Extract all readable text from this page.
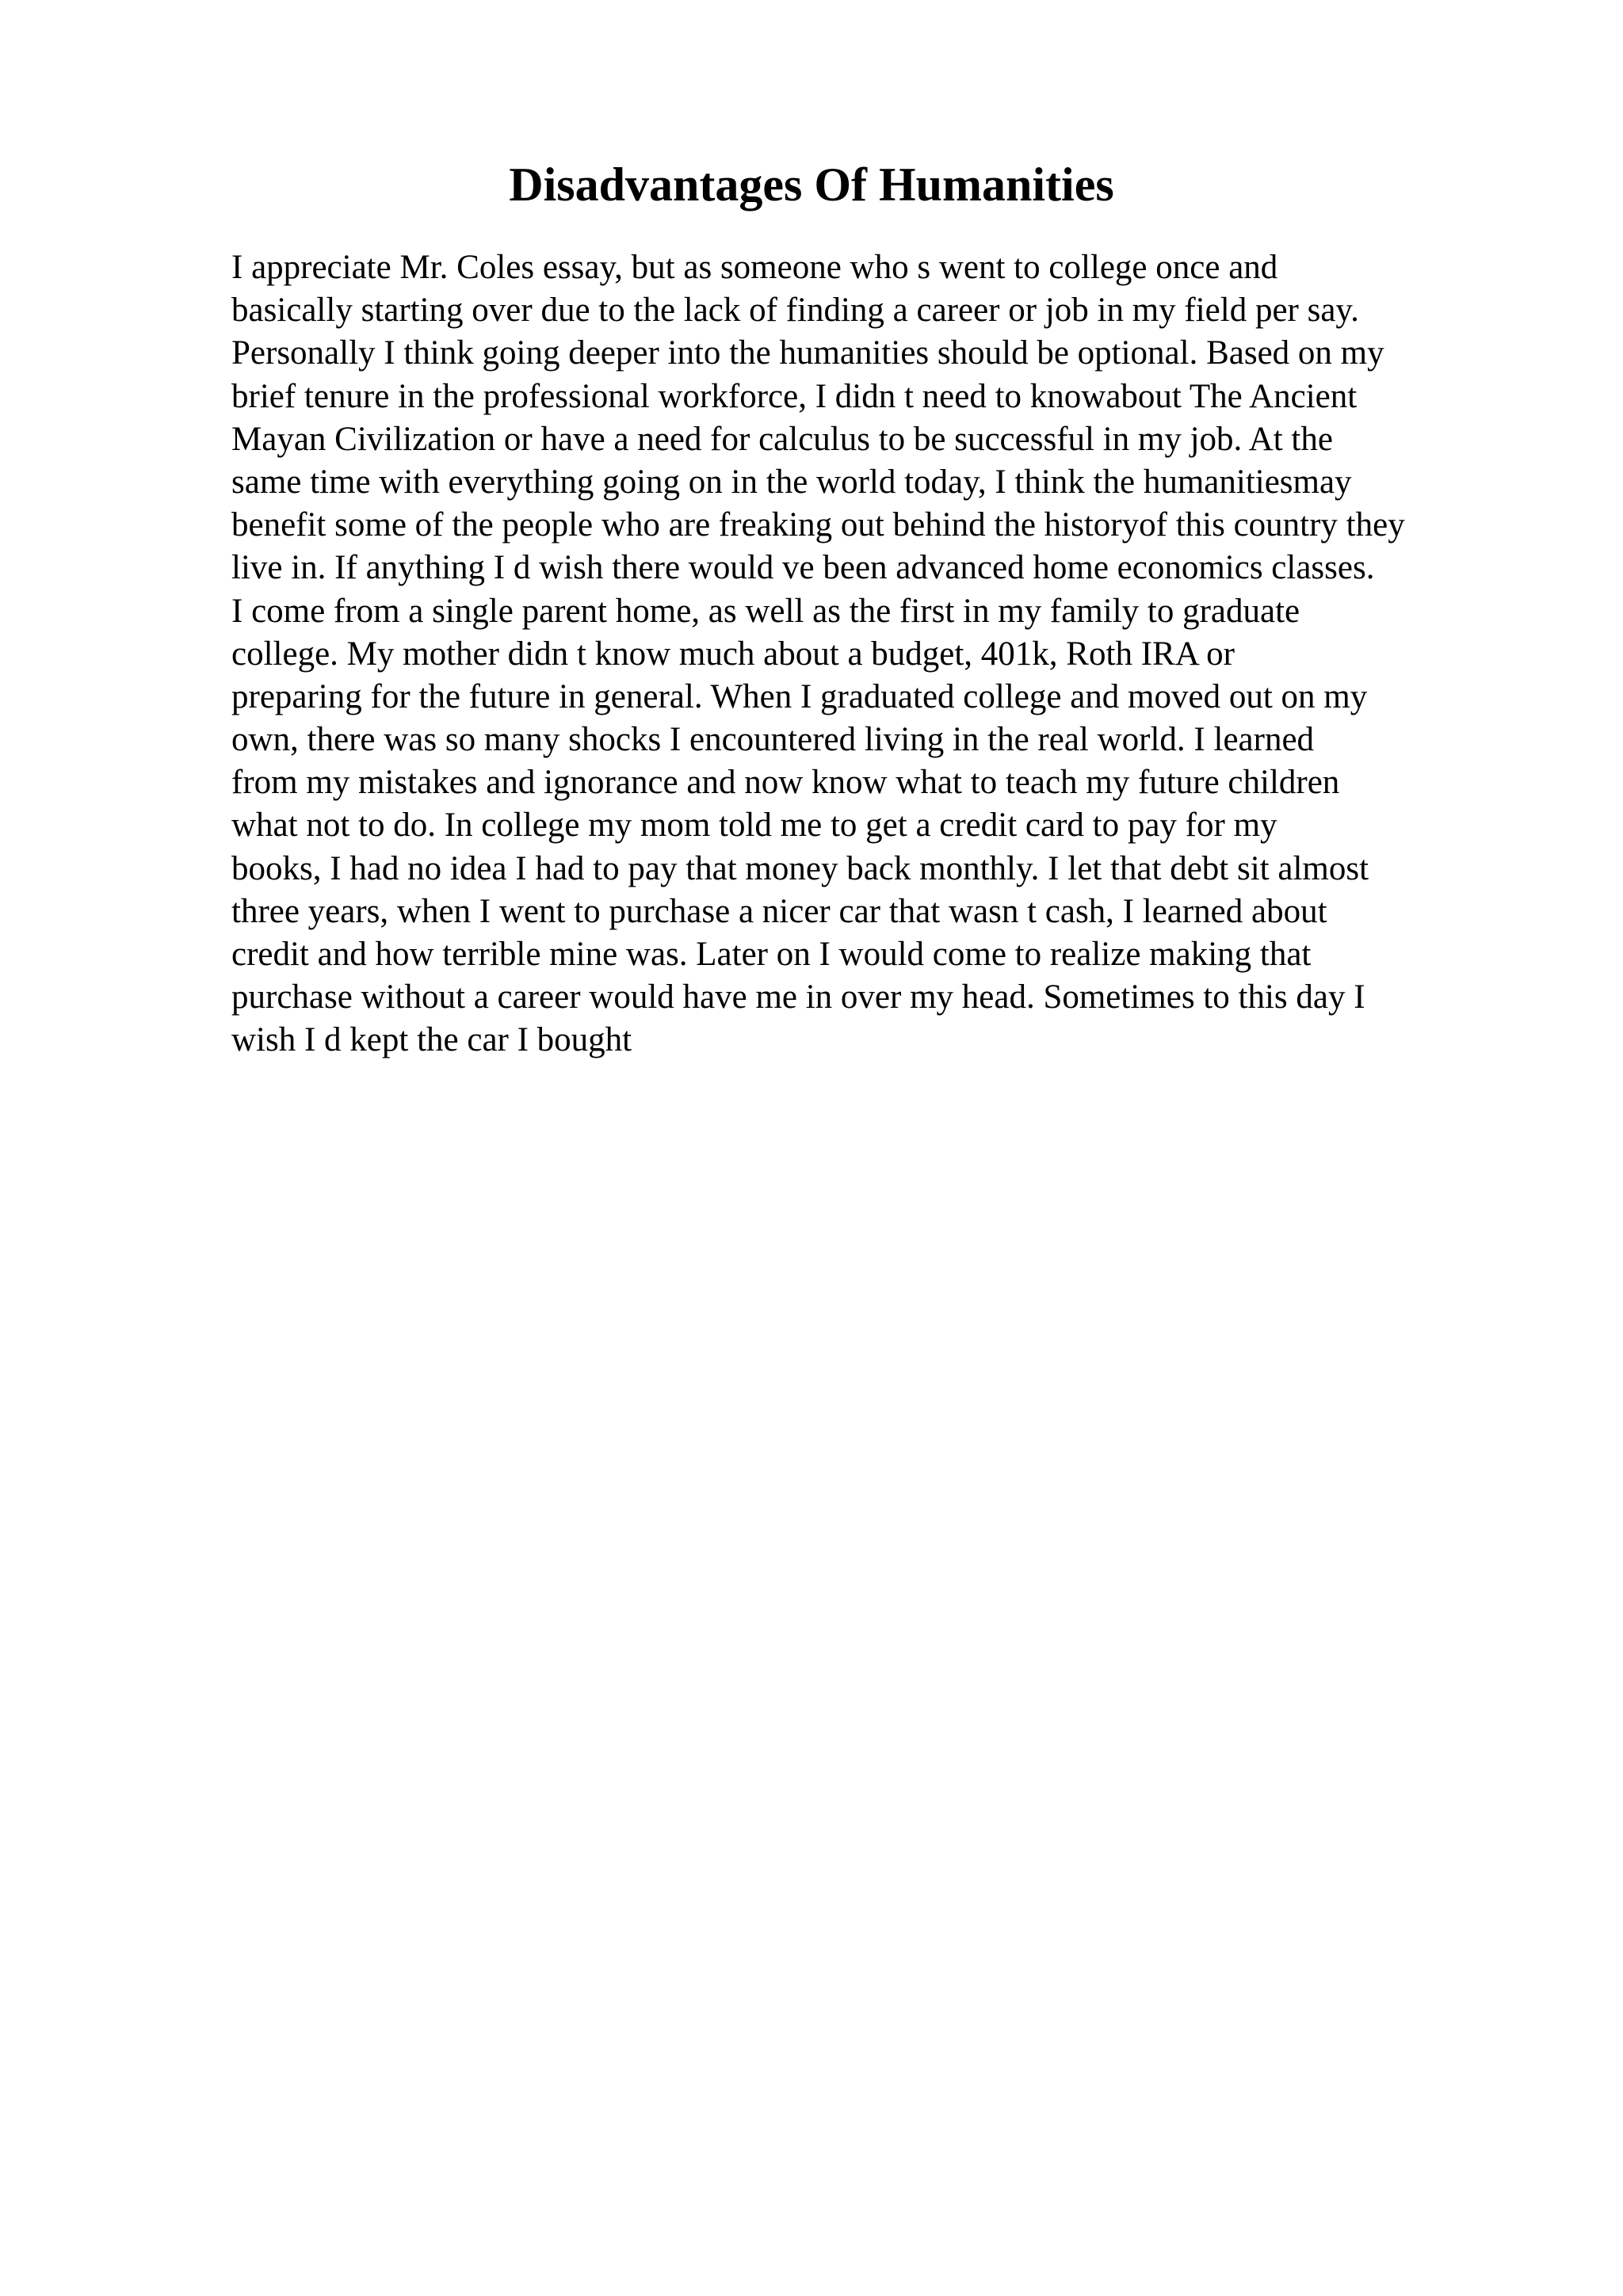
Disadvantages Of Humanities
I appreciate Mr. Coles essay, but as someone who s went to college once and
basically starting over due to the lack of finding a career or job in my field per say.
Personally I think going deeper into the humanities should be optional. Based on my
brief tenure in the professional workforce, I didn t need to knowabout The Ancient
Mayan Civilization or have a need for calculus to be successful in my job. At the
same time with everything going on in the world today, I think the humanitiesmay
benefit some of the people who are freaking out behind the historyof this country they
live in. If anything I d wish there would ve been advanced home economics classes.
I come from a single parent home, as well as the first in my family to graduate
college. My mother didn t know much about a budget, 401k, Roth IRA or
preparing for the future in general. When I graduated college and moved out on my
own, there was so many shocks I encountered living in the real world. I learned
from my mistakes and ignorance and now know what to teach my future children
what not to do. In college my mom told me to get a credit card to pay for my
books, I had no idea I had to pay that money back monthly. I let that debt sit almost
three years, when I went to purchase a nicer car that wasn t cash, I learned about
credit and how terrible mine was. Later on I would come to realize making that
purchase without a career would have me in over my head. Sometimes to this day I
wish I d kept the car I bought
